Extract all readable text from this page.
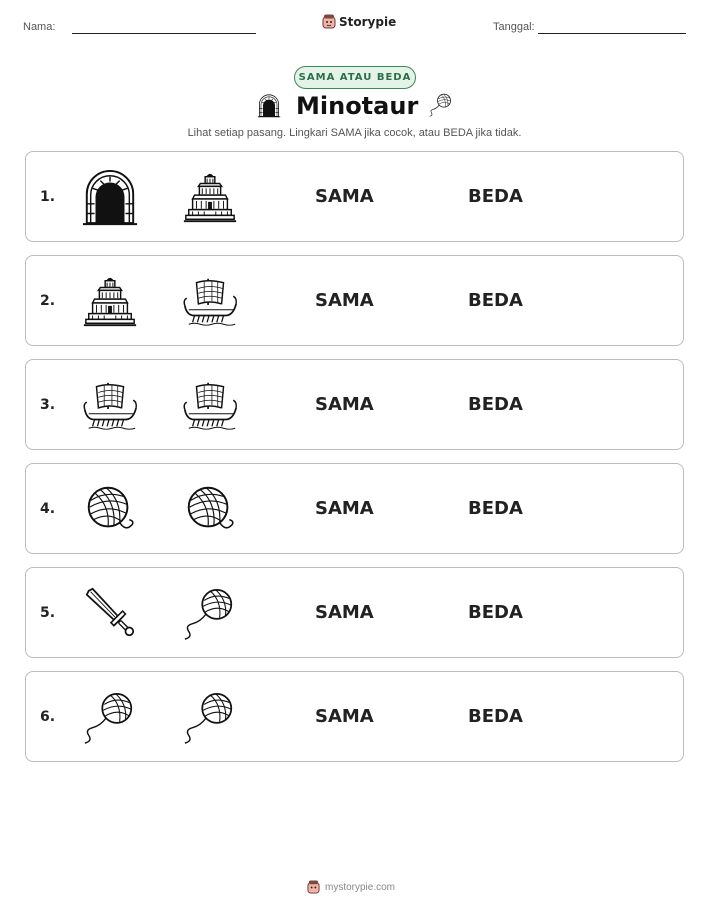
Nama:	Storypie	Tanggal:
SAMA ATAU BEDA
Minotaur
Lihat setiap pasang. Lingkari SAMA jika cocok, atau BEDA jika tidak.
1.	SAMA	BEDA
2.	SAMA	BEDA
3.	SAMA	BEDA
4.	SAMA	BEDA
5.	SAMA	BEDA
6.	SAMA	BEDA
mystorypie.com
